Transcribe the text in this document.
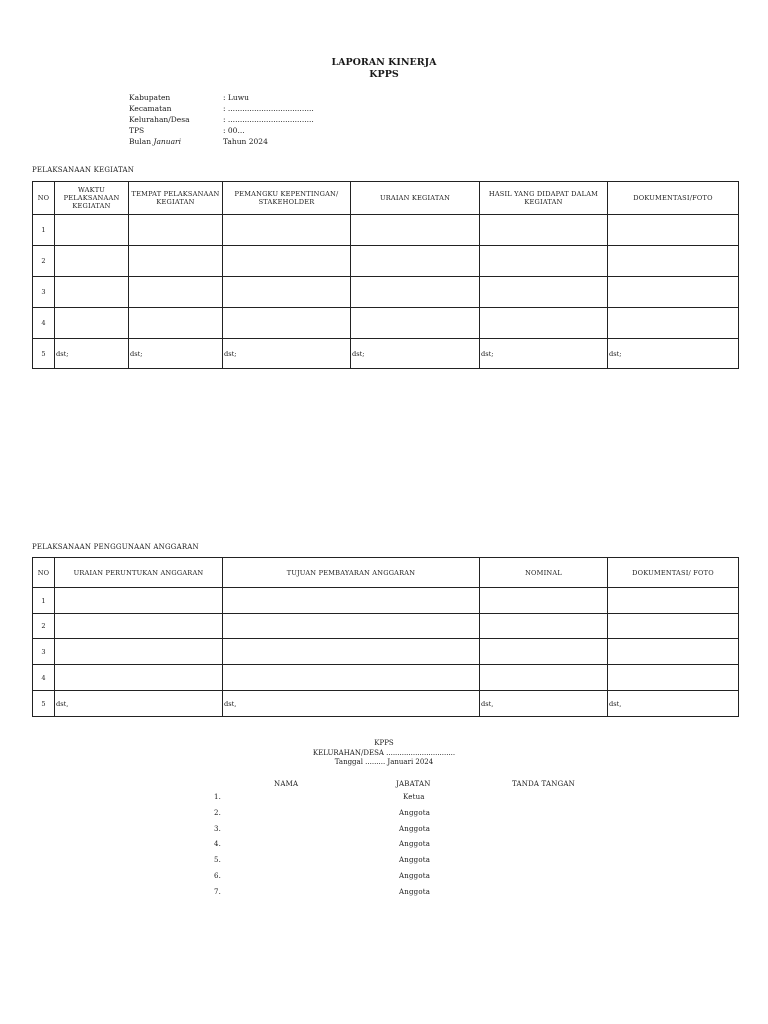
LAPORAN KINERJA
KPPS
Kabupaten	: Luwu
Kecamatan	: ....................................
Kelurahan/Desa	: ....................................
TPS	: 00...
Bulan Januari	Tahun 2024
PELAKSANAAN KEGIATAN
NO	WAKTU PELAKSANAAN KEGIATAN	TEMPAT PELAKSANAAN KEGIATAN	PEMANGKU KEPENTINGAN/ STAKEHOLDER	URAIAN KEGIATAN	HASIL YANG DIDAPAT DALAM KEGIATAN	DOKUMENTASI/FOTO
1						
2						
3						
4						
5	dst;	dst;	dst;	dst;	dst;	dst;
PELAKSANAAN PENGGUNAAN ANGGARAN
NO	URAIAN PERUNTUKAN ANGGARAN	TUJUAN PEMBAYARAN ANGGARAN	NOMINAL	DOKUMENTASI/ FOTO
1				
2				
3				
4				
5	dst,	dst,	dst,	dst,
KPPS
KELURAHAN/DESA ...............................
Tanggal ......... Januari 2024
NAMA	JABATAN	TANDA TANGAN
1.	Ketua
2.	Anggota
3.	Anggota
4.	Anggota
5.	Anggota
6.	Anggota
7.	Anggota
